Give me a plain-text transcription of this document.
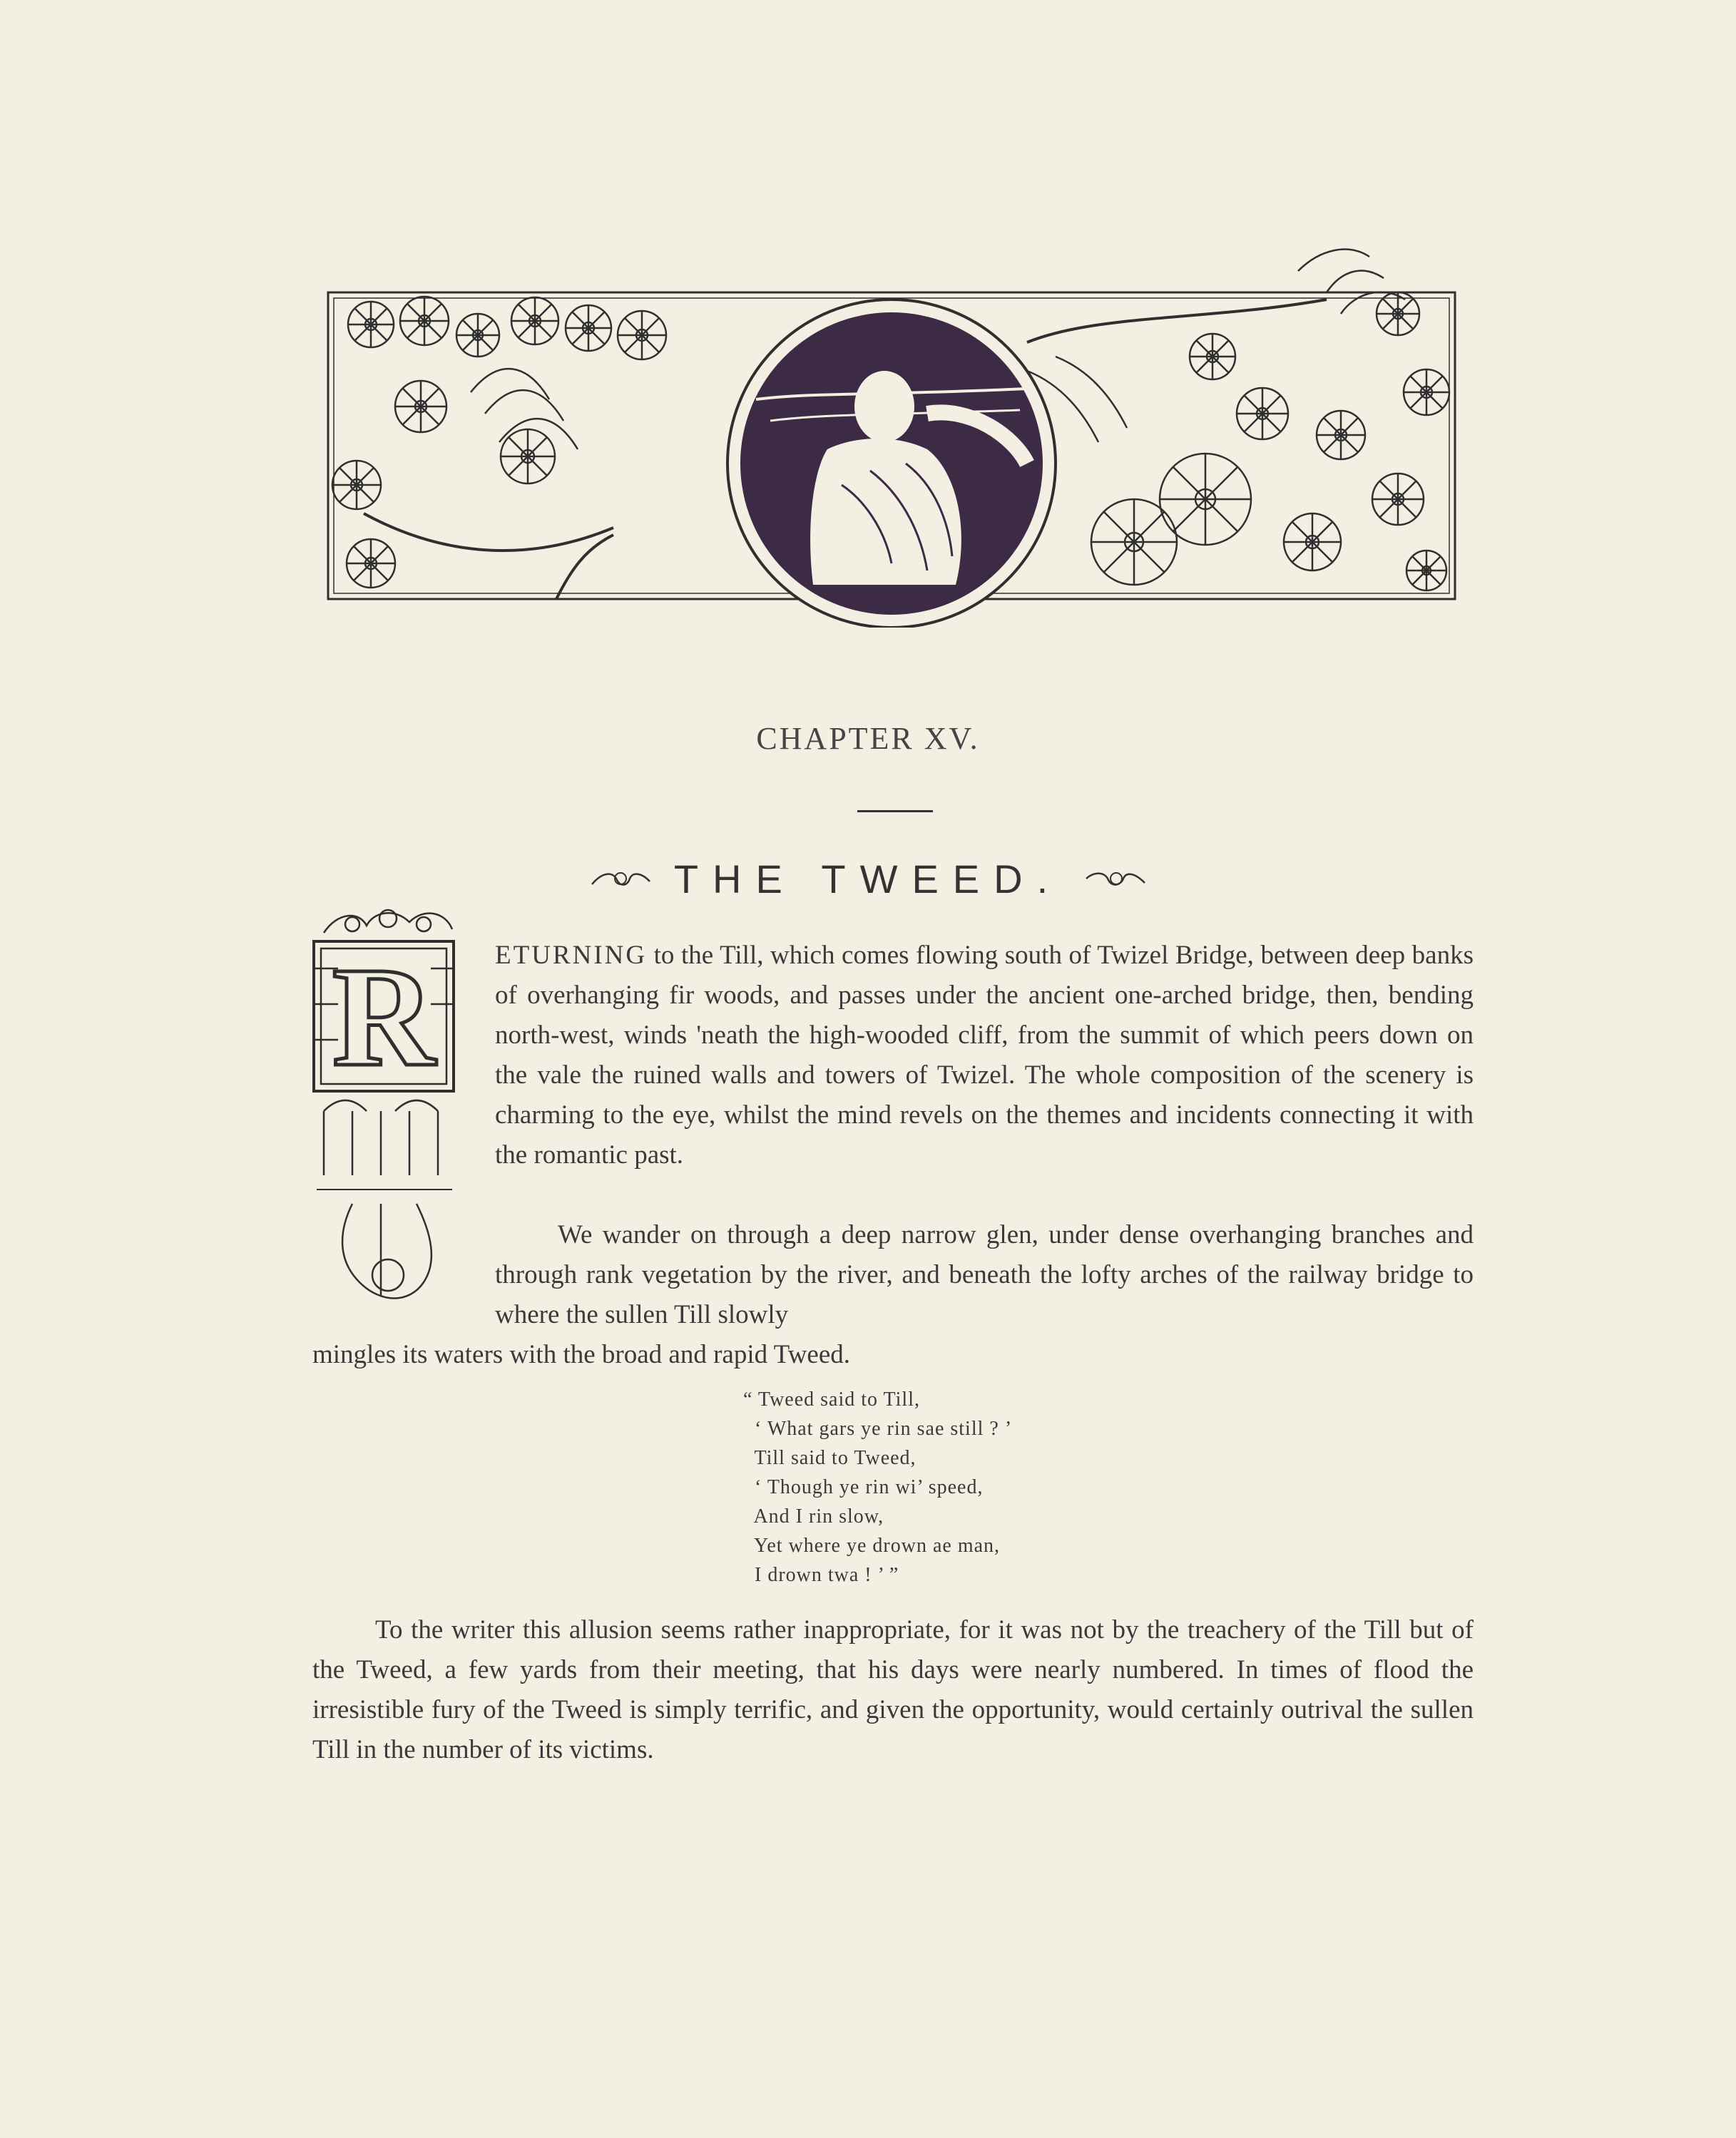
CHAPTER XV.
THE TWEED.
R ETURNING to the Till, which comes flowing south of Twizel Bridge, between deep banks of overhanging fir woods, and passes under the ancient one-arched bridge, then, bending north-west, winds 'neath the high-wooded cliff, from the summit of which peers down on the vale the ruined walls and towers of Twizel. The whole composition of the scenery is charming to the eye, whilst the mind revels on the themes and incidents connecting it with the romantic past.

We wander on through a deep narrow glen, under dense overhanging branches and through rank vegetation by the river, and beneath the lofty arches of the railway bridge to where the sullen Till slowly

mingles its waters with the broad and rapid Tweed.

“ Tweed said to Till,
‘ What gars ye rin sae still ? ’
Till said to Tweed,
‘ Though ye rin wi’ speed,
And I rin slow,
Yet where ye drown ae man,
I drown twa ! ’ ”

To the writer this allusion seems rather inappropriate, for it was not by the treachery of the Till but of the Tweed, a few yards from their meeting, that his days were nearly numbered. In times of flood the irresistible fury of the Tweed is simply terrific, and given the opportunity, would certainly outrival the sullen Till in the number of its victims.
